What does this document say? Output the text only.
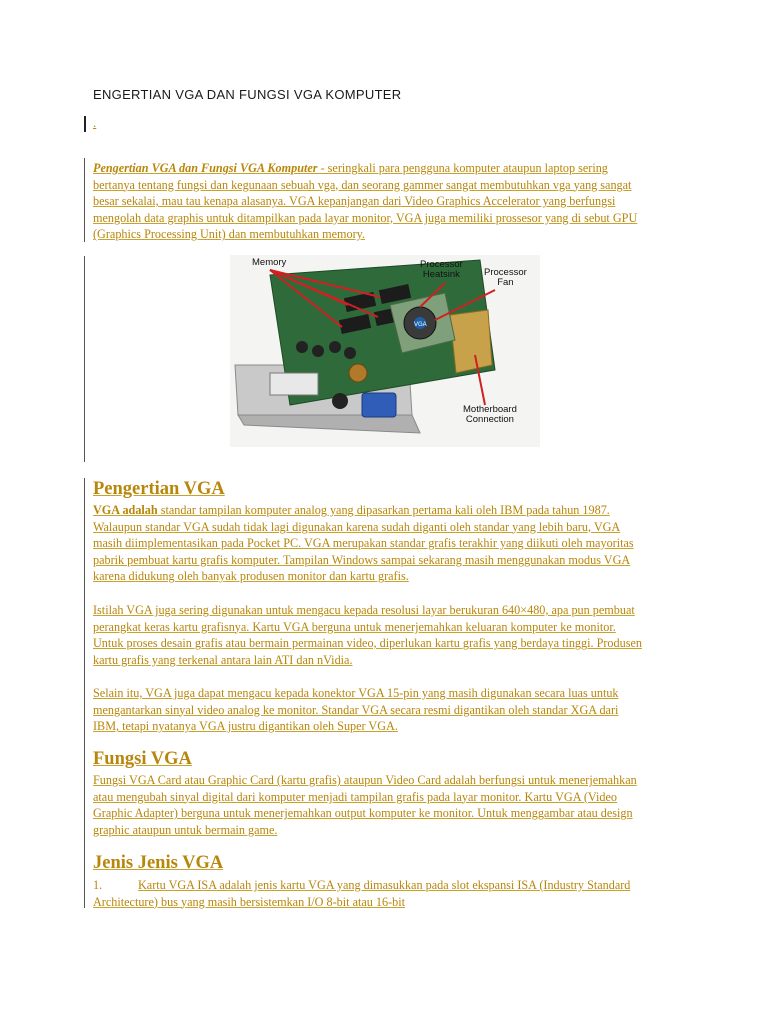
ENGERTIAN VGA DAN FUNGSI VGA KOMPUTER
.
Pengertian VGA dan Fungsi VGA Komputer - seringkali para pengguna komputer ataupun laptop sering
bertanya tentang fungsi dan kegunaan sebuah vga, dan seorang gammer sangat membutuhkan vga yang sangat
besar sekalai, mau tau kenapa alasanya. VGA kepanjangan dari Video Graphics Accelerator yang berfungsi
mengolah data graphis untuk ditampilkan pada layar monitor, VGA juga memiliki prossesor yang di sebut GPU
(Graphics Processing Unit) dan membutuhkan memory.
VGA
Memory	Processor
Heatsink	Processor
Fan
Motherboard
Connection
Pengertian VGA
VGA adalah standar tampilan komputer analog yang dipasarkan pertama kali oleh IBM pada tahun 1987.
Walaupun standar VGA sudah tidak lagi digunakan karena sudah diganti oleh standar yang lebih baru, VGA
masih diimplementasikan pada Pocket PC. VGA merupakan standar grafis terakhir yang diikuti oleh mayoritas
pabrik pembuat kartu grafis komputer. Tampilan Windows sampai sekarang masih menggunakan modus VGA
karena didukung oleh banyak produsen monitor dan kartu grafis.
Istilah VGA juga sering digunakan untuk mengacu kepada resolusi layar berukuran 640×480, apa pun pembuat
perangkat keras kartu grafisnya. Kartu VGA berguna untuk menerjemahkan keluaran komputer ke monitor.
Untuk proses desain grafis atau bermain permainan video, diperlukan kartu grafis yang berdaya tinggi. Produsen
kartu grafis yang terkenal antara lain ATI dan nVidia.
Selain itu, VGA juga dapat mengacu kepada konektor VGA 15-pin yang masih digunakan secara luas untuk
mengantarkan sinyal video analog ke monitor. Standar VGA secara resmi digantikan oleh standar XGA dari
IBM, tetapi nyatanya VGA justru digantikan oleh Super VGA.
Fungsi VGA
Fungsi VGA Card atau Graphic Card (kartu grafis) ataupun Video Card adalah berfungsi untuk menerjemahkan
atau mengubah sinyal digital dari komputer menjadi tampilan grafis pada layar monitor. Kartu VGA (Video
Graphic Adapter) berguna untuk menerjemahkan output komputer ke monitor. Untuk menggambar atau design
graphic ataupun untuk bermain game.
Jenis Jenis VGA
1.	Kartu VGA ISA adalah jenis kartu VGA yang dimasukkan pada slot ekspansi ISA (Industry Standard
Architecture) bus yang masih bersistemkan I/O 8-bit atau 16-bit
